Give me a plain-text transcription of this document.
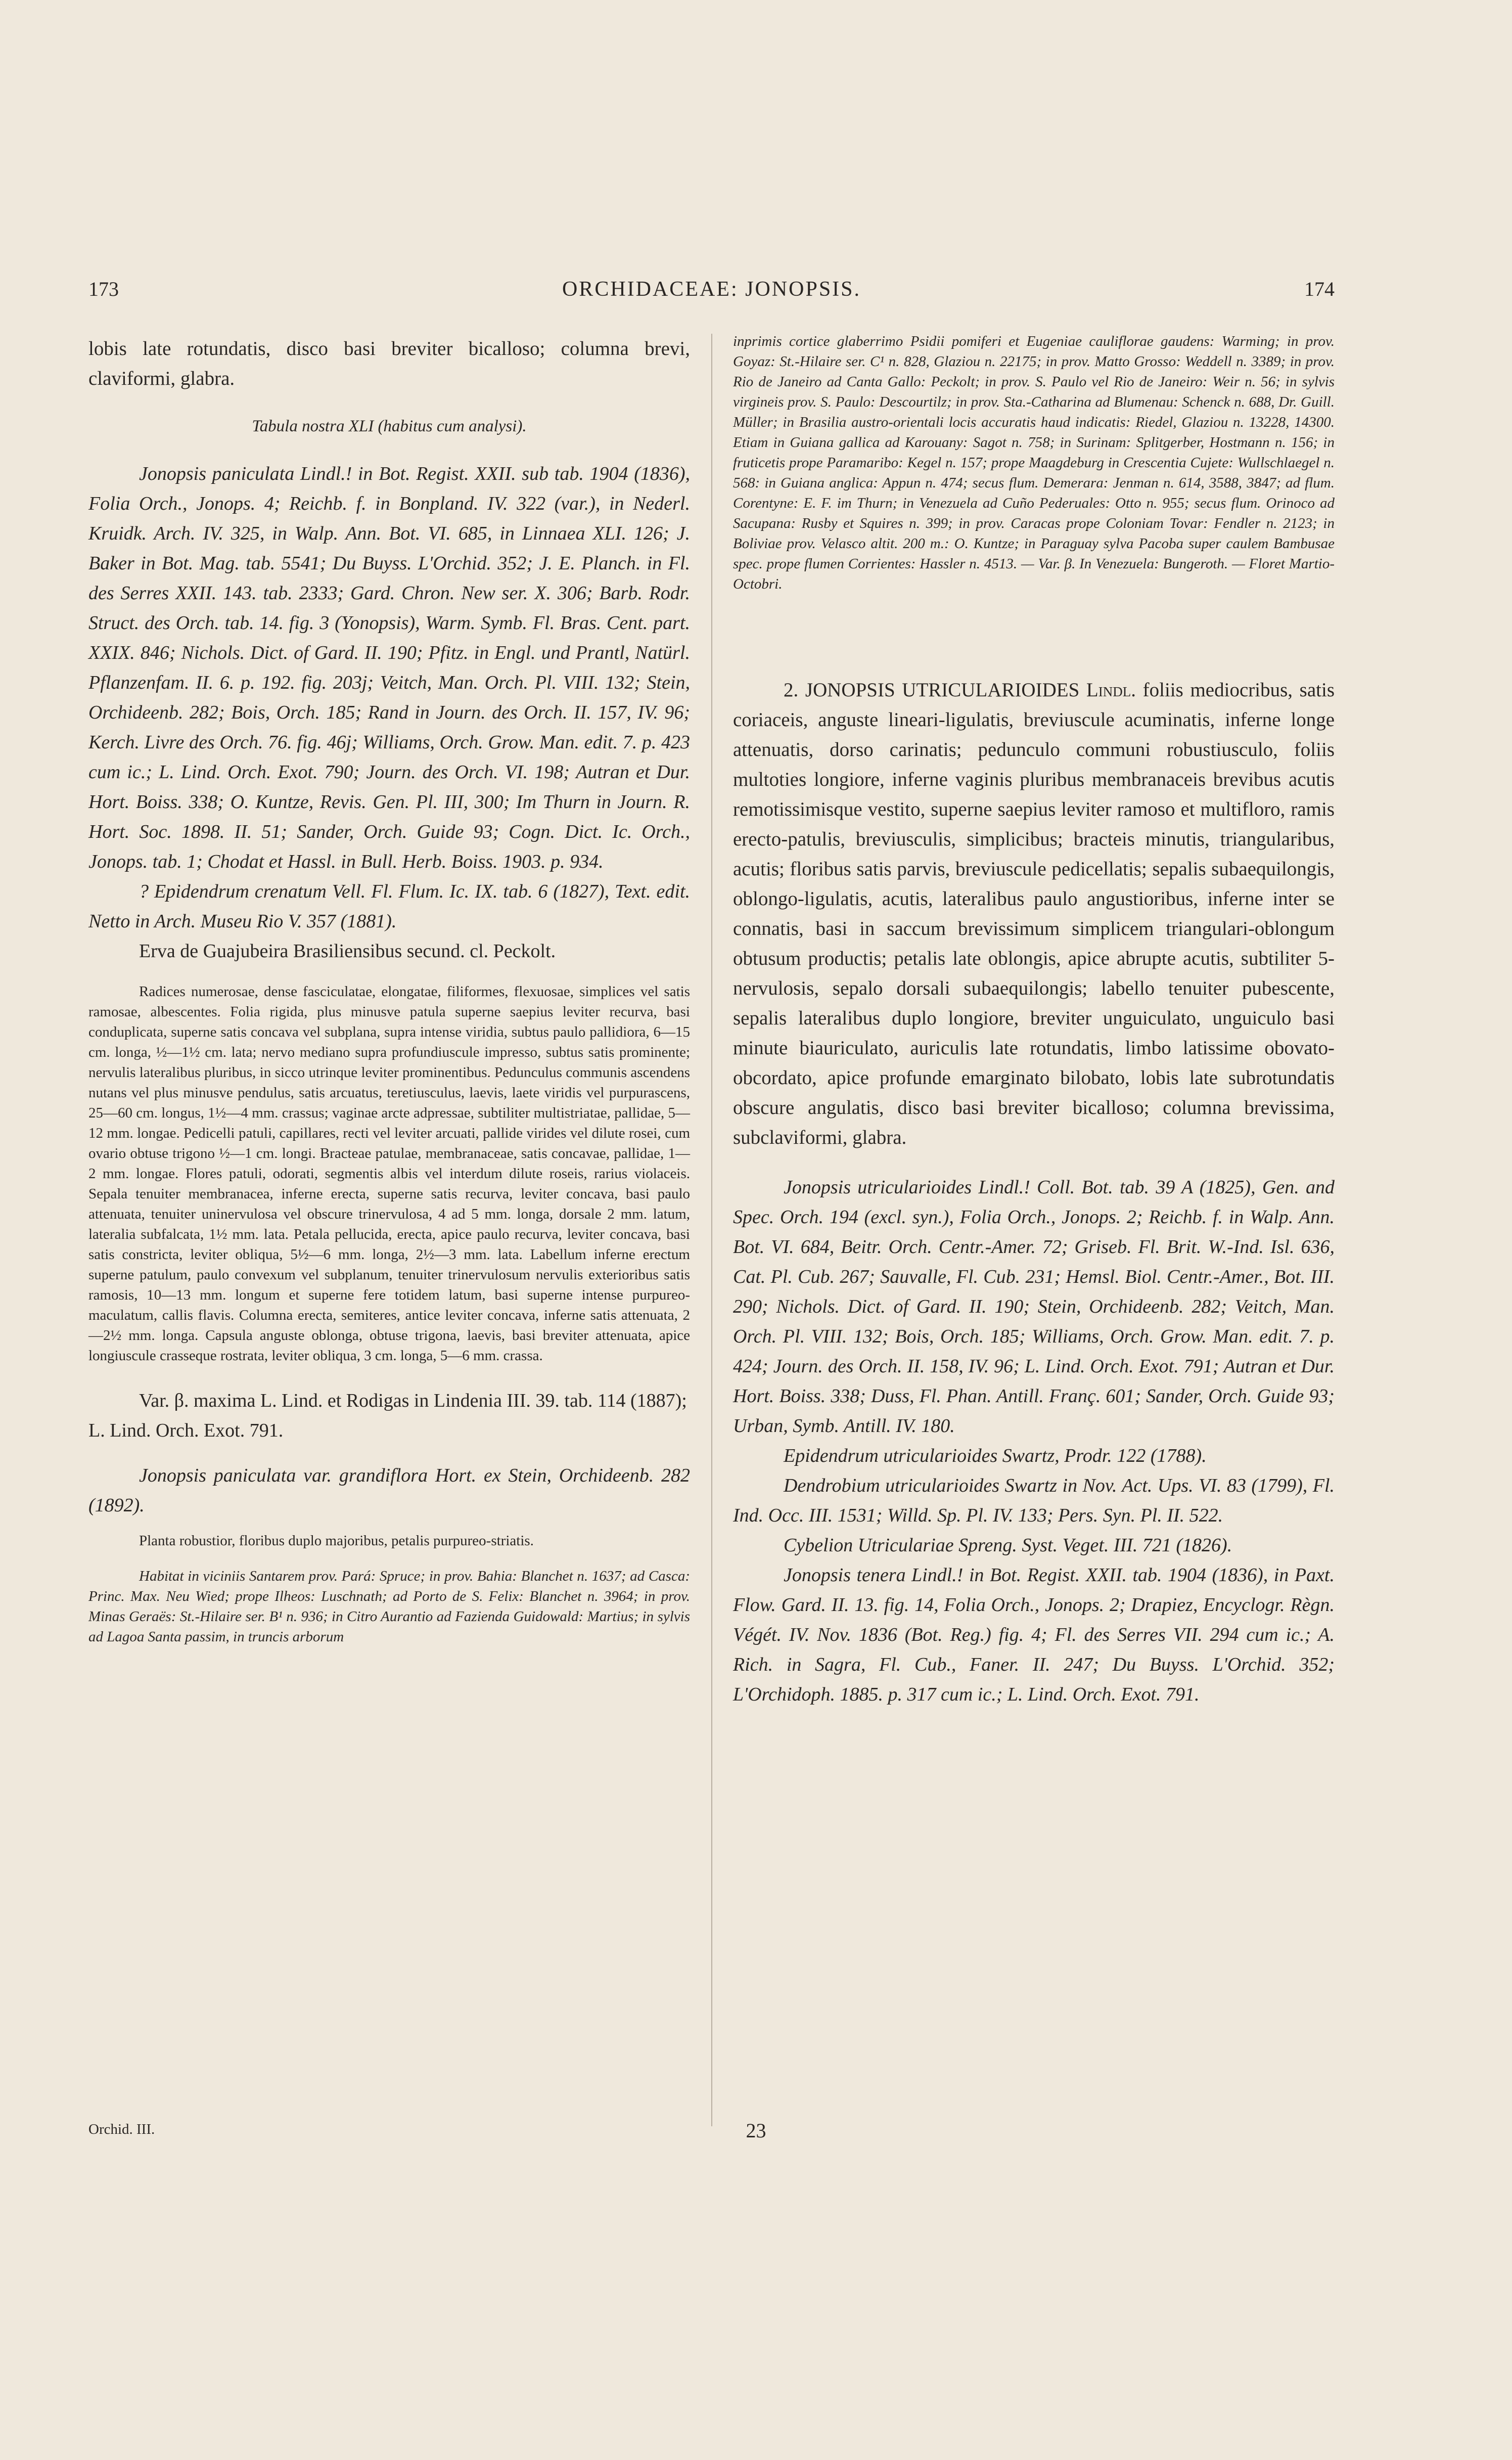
173	ORCHIDACEAE: JONOPSIS.	174

lobis late rotundatis, disco basi breviter bicalloso; columna brevi, claviformi, glabra.

Tabula nostra XLI (habitus cum analysi).

Jonopsis paniculata Lindl.! in Bot. Regist. XXII. sub tab. 1904 (1836), Folia Orch., Jonops. 4; Reichb. f. in Bonpland. IV. 322 (var.), in Nederl. Kruidk. Arch. IV. 325, in Walp. Ann. Bot. VI. 685, in Linnaea XLI. 126; J. Baker in Bot. Mag. tab. 5541; Du Buyss. L'Orchid. 352; J. E. Planch. in Fl. des Serres XXII. 143. tab. 2333; Gard. Chron. New ser. X. 306; Barb. Rodr. Struct. des Orch. tab. 14. fig. 3 (Yonopsis), Warm. Symb. Fl. Bras. Cent. part. XXIX. 846; Nichols. Dict. of Gard. II. 190; Pfitz. in Engl. und Prantl, Natürl. Pflanzenfam. II. 6. p. 192. fig. 203j; Veitch, Man. Orch. Pl. VIII. 132; Stein, Orchideenb. 282; Bois, Orch. 185; Rand in Journ. des Orch. II. 157, IV. 96; Kerch. Livre des Orch. 76. fig. 46j; Williams, Orch. Grow. Man. edit. 7. p. 423 cum ic.; L. Lind. Orch. Exot. 790; Journ. des Orch. VI. 198; Autran et Dur. Hort. Boiss. 338; O. Kuntze, Revis. Gen. Pl. III, 300; Im Thurn in Journ. R. Hort. Soc. 1898. II. 51; Sander, Orch. Guide 93; Cogn. Dict. Ic. Orch., Jonops. tab. 1; Chodat et Hassl. in Bull. Herb. Boiss. 1903. p. 934.

? Epidendrum crenatum Vell. Fl. Flum. Ic. IX. tab. 6 (1827), Text. edit. Netto in Arch. Museu Rio V. 357 (1881).

Erva de Guajubeira Brasiliensibus secund. cl. Peckolt.

Radices numerosae, dense fasciculatae, elongatae, filiformes, flexuosae, simplices vel satis ramosae, albescentes. Folia rigida, plus minusve patula superne saepius leviter recurva, basi conduplicata, superne satis concava vel subplana, supra intense viridia, subtus paulo pallidiora, 6—15 cm. longa, ½—1½ cm. lata; nervo mediano supra profundiuscule impresso, subtus satis prominente; nervulis lateralibus pluribus, in sicco utrinque leviter prominentibus. Pedunculus communis ascendens nutans vel plus minusve pendulus, satis arcuatus, teretiusculus, laevis, laete viridis vel purpurascens, 25—60 cm. longus, 1½—4 mm. crassus; vaginae arcte adpressae, subtiliter multistriatae, pallidae, 5—12 mm. longae. Pedicelli patuli, capillares, recti vel leviter arcuati, pallide virides vel dilute rosei, cum ovario obtuse trigono ½—1 cm. longi. Bracteae patulae, membranaceae, satis concavae, pallidae, 1—2 mm. longae. Flores patuli, odorati, segmentis albis vel interdum dilute roseis, rarius violaceis. Sepala tenuiter membranacea, inferne erecta, superne satis recurva, leviter concava, basi paulo attenuata, tenuiter uninervulosa vel obscure trinervulosa, 4 ad 5 mm. longa, dorsale 2 mm. latum, lateralia subfalcata, 1½ mm. lata. Petala pellucida, erecta, apice paulo recurva, leviter concava, basi satis constricta, leviter obliqua, 5½—6 mm. longa, 2½—3 mm. lata. Labellum inferne erectum superne patulum, paulo convexum vel subplanum, tenuiter trinervulosum nervulis exterioribus satis ramosis, 10—13 mm. longum et superne fere totidem latum, basi superne intense purpureo-maculatum, callis flavis. Columna erecta, semiteres, antice leviter concava, inferne satis attenuata, 2—2½ mm. longa. Capsula anguste oblonga, obtuse trigona, laevis, basi breviter attenuata, apice longiuscule crasseque rostrata, leviter obliqua, 3 cm. longa, 5—6 mm. crassa.

Var. β. maxima L. Lind. et Rodigas in Lindenia III. 39. tab. 114 (1887); L. Lind. Orch. Exot. 791.

Jonopsis paniculata var. grandiflora Hort. ex Stein, Orchideenb. 282 (1892).

Planta robustior, floribus duplo majoribus, petalis purpureo-striatis.

Habitat in viciniis Santarem prov. Pará: Spruce; in prov. Bahia: Blanchet n. 1637; ad Casca: Princ. Max. Neu Wied; prope Ilheos: Luschnath; ad Porto de S. Felix: Blanchet n. 3964; in prov. Minas Geraës: St.-Hilaire ser. B¹ n. 936; in Citro Aurantio ad Fazienda Guidowald: Martius; in sylvis ad Lagoa Santa passim, in truncis arborum

inprimis cortice glaberrimo Psidii pomiferi et Eugeniae cauliflorae gaudens: Warming; in prov. Goyaz: St.-Hilaire ser. C¹ n. 828, Glaziou n. 22175; in prov. Matto Grosso: Weddell n. 3389; in prov. Rio de Janeiro ad Canta Gallo: Peckolt; in prov. S. Paulo vel Rio de Janeiro: Weir n. 56; in sylvis virgineis prov. S. Paulo: Descourtilz; in prov. Sta.-Catharina ad Blumenau: Schenck n. 688, Dr. Guill. Müller; in Brasilia austro-orientali locis accuratis haud indicatis: Riedel, Glaziou n. 13228, 14300. Etiam in Guiana gallica ad Karouany: Sagot n. 758; in Surinam: Splitgerber, Hostmann n. 156; in fruticetis prope Paramaribo: Kegel n. 157; prope Maagdeburg in Crescentia Cujete: Wullschlaegel n. 568: in Guiana anglica: Appun n. 474; secus flum. Demerara: Jenman n. 614, 3588, 3847; ad flum. Corentyne: E. F. im Thurn; in Venezuela ad Cuño Pederuales: Otto n. 955; secus flum. Orinoco ad Sacupana: Rusby et Squires n. 399; in prov. Caracas prope Coloniam Tovar: Fendler n. 2123; in Boliviae prov. Velasco altit. 200 m.: O. Kuntze; in Paraguay sylva Pacoba super caulem Bambusae spec. prope flumen Corrientes: Hassler n. 4513. — Var. β. In Venezuela: Bungeroth. — Floret Martio-Octobri.

2. JONOPSIS UTRICULARIOIDES Lindl. foliis mediocribus, satis coriaceis, anguste lineari-ligulatis, breviuscule acuminatis, inferne longe attenuatis, dorso carinatis; pedunculo communi robustiusculo, foliis multoties longiore, inferne vaginis pluribus membranaceis brevibus acutis remotissimisque vestito, superne saepius leviter ramoso et multifloro, ramis erecto-patulis, breviusculis, simplicibus; bracteis minutis, triangularibus, acutis; floribus satis parvis, breviuscule pedicellatis; sepalis subaequilongis, oblongo-ligulatis, acutis, lateralibus paulo angustioribus, inferne inter se connatis, basi in saccum brevissimum simplicem triangulari-oblongum obtusum productis; petalis late oblongis, apice abrupte acutis, subtiliter 5-nervulosis, sepalo dorsali subaequilongis; labello tenuiter pubescente, sepalis lateralibus duplo longiore, breviter unguiculato, unguiculo basi minute biauriculato, auriculis late rotundatis, limbo latissime obovato-obcordato, apice profunde emarginato bilobato, lobis late subrotundatis obscure angulatis, disco basi breviter bicalloso; columna brevissima, subclaviformi, glabra.

Jonopsis utricularioides Lindl.! Coll. Bot. tab. 39 A (1825), Gen. and Spec. Orch. 194 (excl. syn.), Folia Orch., Jonops. 2; Reichb. f. in Walp. Ann. Bot. VI. 684, Beitr. Orch. Centr.-Amer. 72; Griseb. Fl. Brit. W.-Ind. Isl. 636, Cat. Pl. Cub. 267; Sauvalle, Fl. Cub. 231; Hemsl. Biol. Centr.-Amer., Bot. III. 290; Nichols. Dict. of Gard. II. 190; Stein, Orchideenb. 282; Veitch, Man. Orch. Pl. VIII. 132; Bois, Orch. 185; Williams, Orch. Grow. Man. edit. 7. p. 424; Journ. des Orch. II. 158, IV. 96; L. Lind. Orch. Exot. 791; Autran et Dur. Hort. Boiss. 338; Duss, Fl. Phan. Antill. Franç. 601; Sander, Orch. Guide 93; Urban, Symb. Antill. IV. 180.

Epidendrum utricularioides Swartz, Prodr. 122 (1788).

Dendrobium utricularioides Swartz in Nov. Act. Ups. VI. 83 (1799), Fl. Ind. Occ. III. 1531; Willd. Sp. Pl. IV. 133; Pers. Syn. Pl. II. 522.

Cybelion Utriculariae Spreng. Syst. Veget. III. 721 (1826).

Jonopsis tenera Lindl.! in Bot. Regist. XXII. tab. 1904 (1836), in Paxt. Flow. Gard. II. 13. fig. 14, Folia Orch., Jonops. 2; Drapiez, Encyclogr. Règn. Végét. IV. Nov. 1836 (Bot. Reg.) fig. 4; Fl. des Serres VII. 294 cum ic.; A. Rich. in Sagra, Fl. Cub., Faner. II. 247; Du Buyss. L'Orchid. 352; L'Orchidoph. 1885. p. 317 cum ic.; L. Lind. Orch. Exot. 791.

Orchid. III.	23
